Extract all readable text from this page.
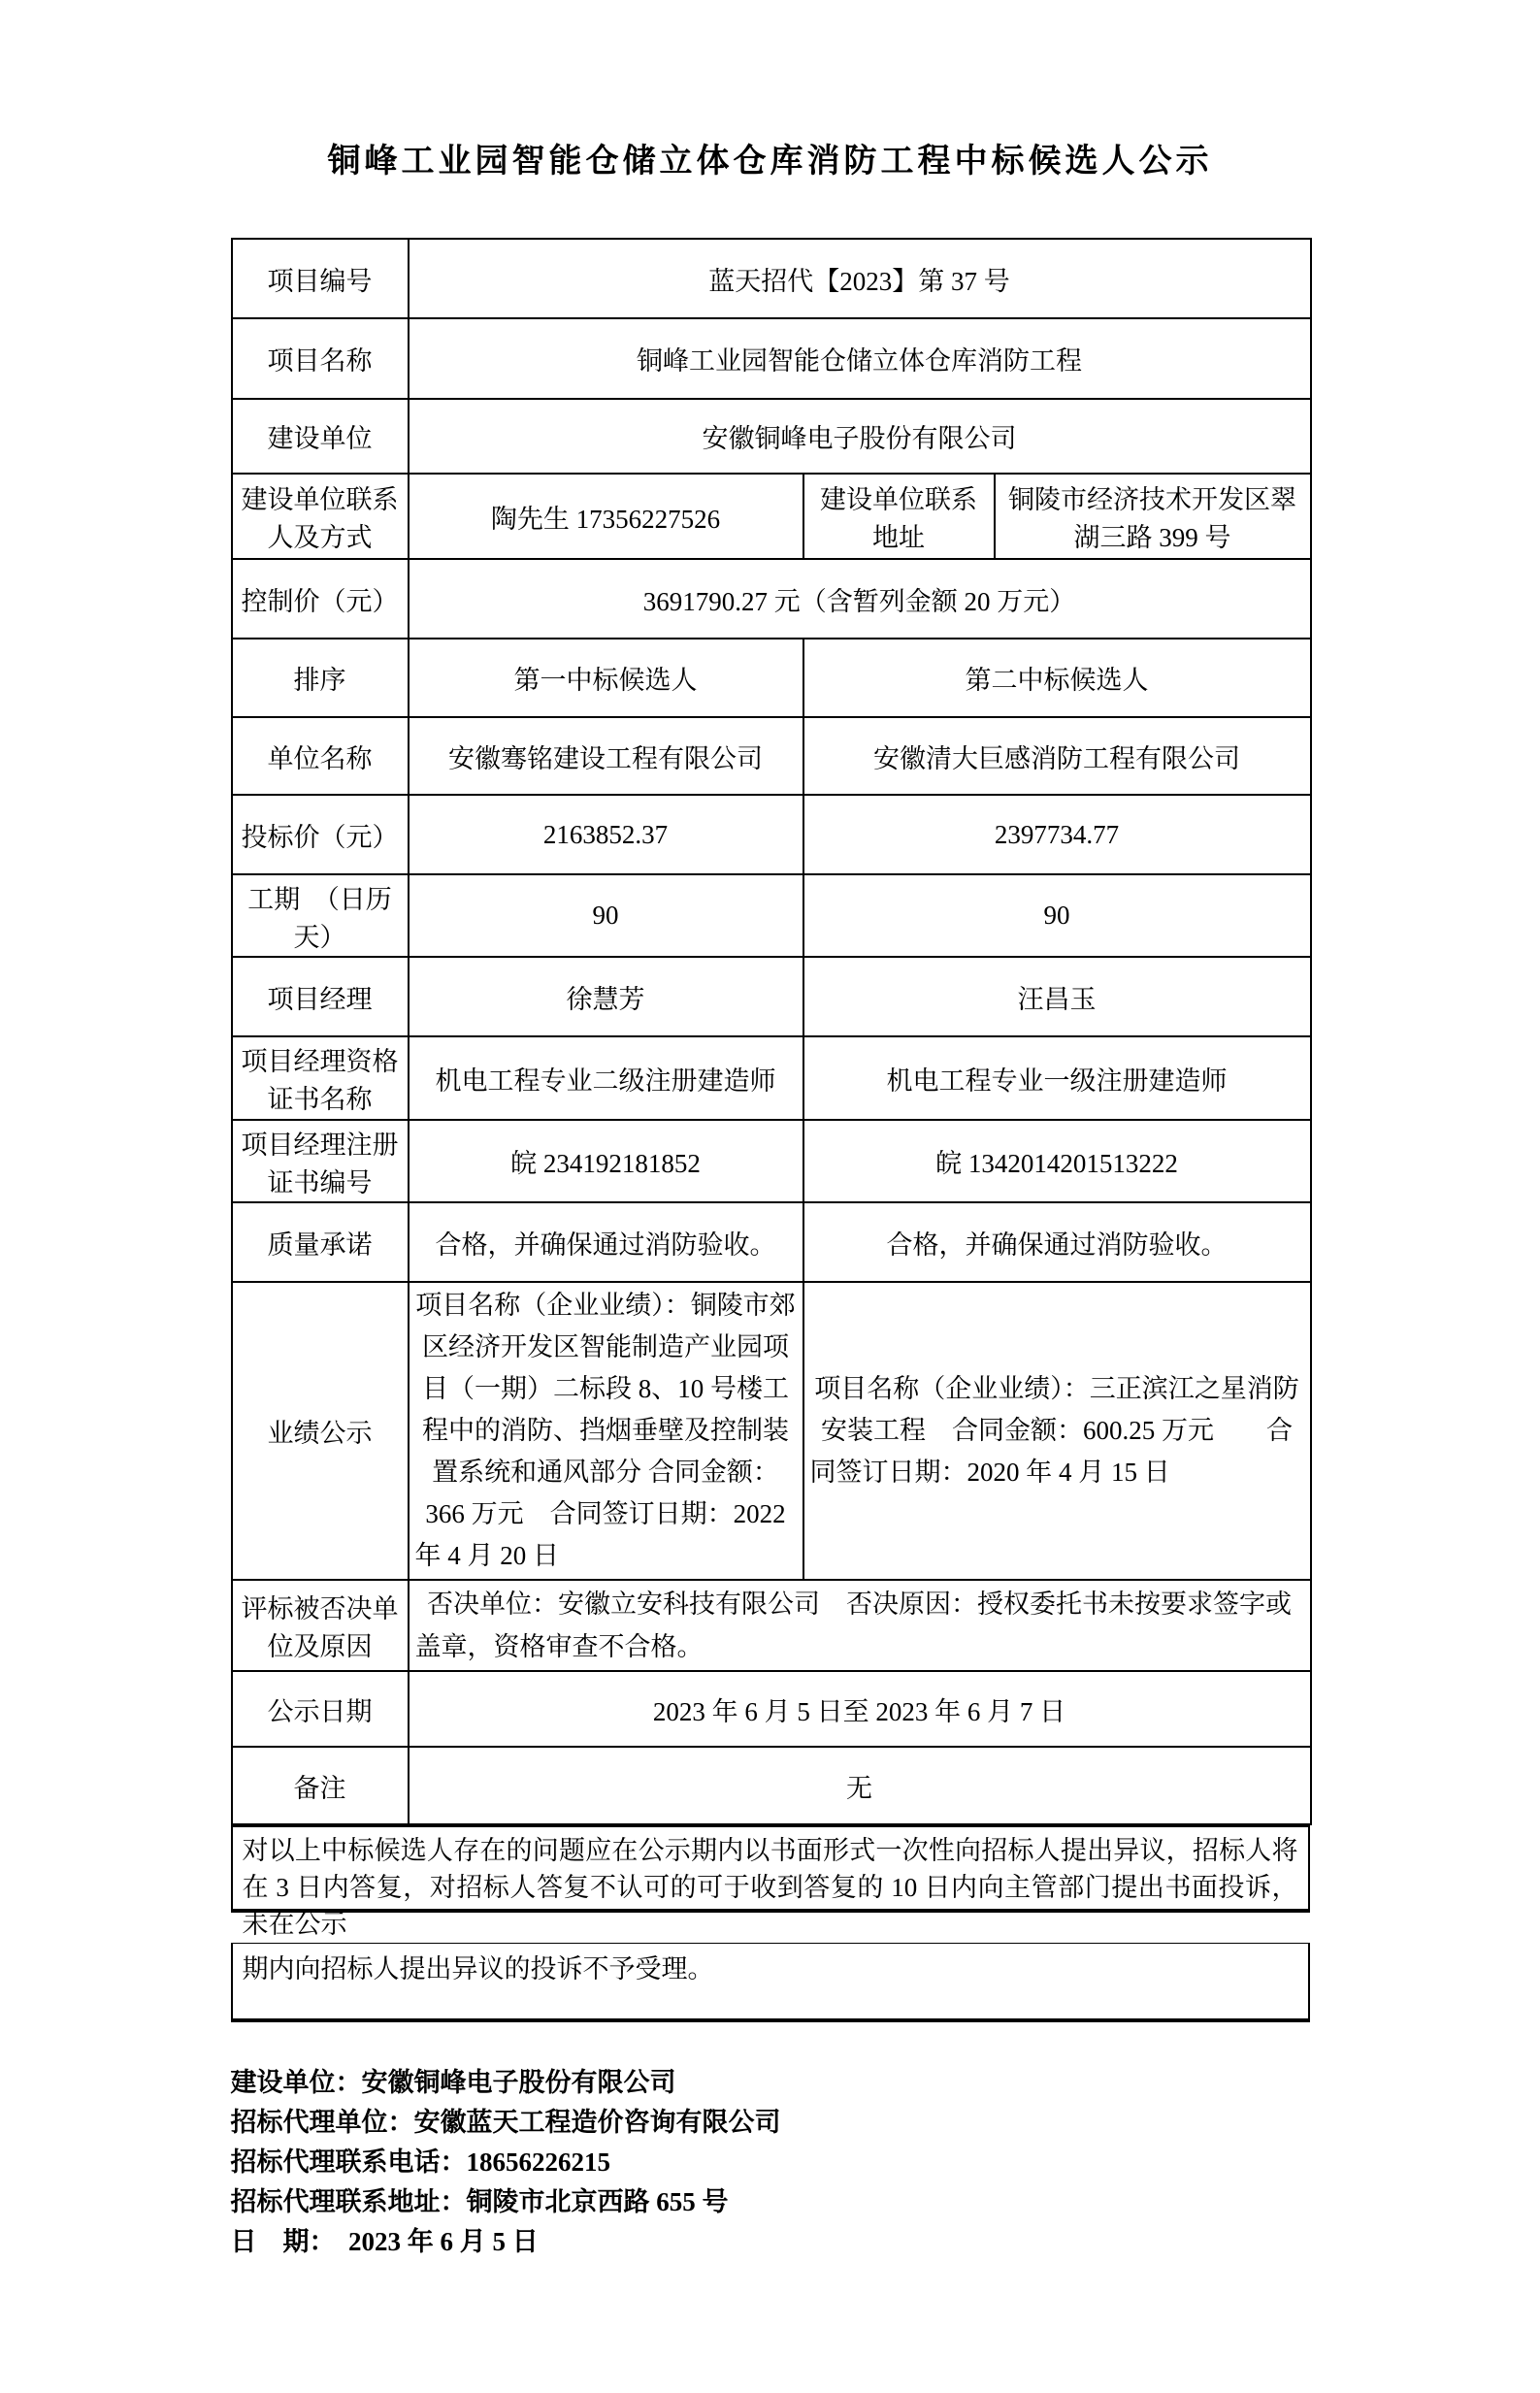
铜峰工业园智能仓储立体仓库消防工程中标候选人公示
项目编号	蓝天招代【2023】第 37 号		
项目名称	铜峰工业园智能仓储立体仓库消防工程		
建设单位	安徽铜峰电子股份有限公司		
建设单位联系人及方式	陶先生 17356227526	建设单位联系地址	铜陵市经济技术开发区翠湖三路 399 号
控制价（元）	3691790.27 元（含暂列金额 20 万元）		
排序	第一中标候选人	第二中标候选人	
单位名称	安徽骞铭建设工程有限公司	安徽清大巨感消防工程有限公司	
投标价（元）	2163852.37	2397734.77	
工期　（日历天）	90	90	
项目经理	徐慧芳	汪昌玉	
项目经理资格证书名称	机电工程专业二级注册建造师	机电工程专业一级注册建造师	
项目经理注册证书编号	皖 234192181852	皖 1342014201513222	
质量承诺	合格，并确保通过消防验收。	合格，并确保通过消防验收。	
业绩公示	项目名称（企业业绩）：铜陵市郊区经济开发区智能制造产业园项目（一期）二标段 8、10 号楼工程中的消防、挡烟垂壁及控制装置系统和通风部分 合同金额：366 万元　合同签订日期：2022 年 4 月 20 日	项目名称（企业业绩）：三正滨江之星消防安装工程　合同金额：600.25 万元　　合同签订日期：2020 年 4 月 15 日	
评标被否决单位及原因	否决单位：安徽立安科技有限公司　否决原因：授权委托书未按要求签字或盖章，资格审查不合格。		
公示日期	2023 年 6 月 5 日至 2023 年 6 月 7 日		
备注	无		
对以上中标候选人存在的问题应在公示期内以书面形式一次性向招标人提出异议，招标人将在 3 日内答复，对招标人答复不认可的可于收到答复的 10 日内向主管部门提出书面投诉，未在公示
期内向招标人提出异议的投诉不予受理。
建设单位：安徽铜峰电子股份有限公司
招标代理单位：安徽蓝天工程造价咨询有限公司
招标代理联系电话：18656226215
招标代理联系地址：铜陵市北京西路 655 号
日　期：  2023 年 6 月 5 日
